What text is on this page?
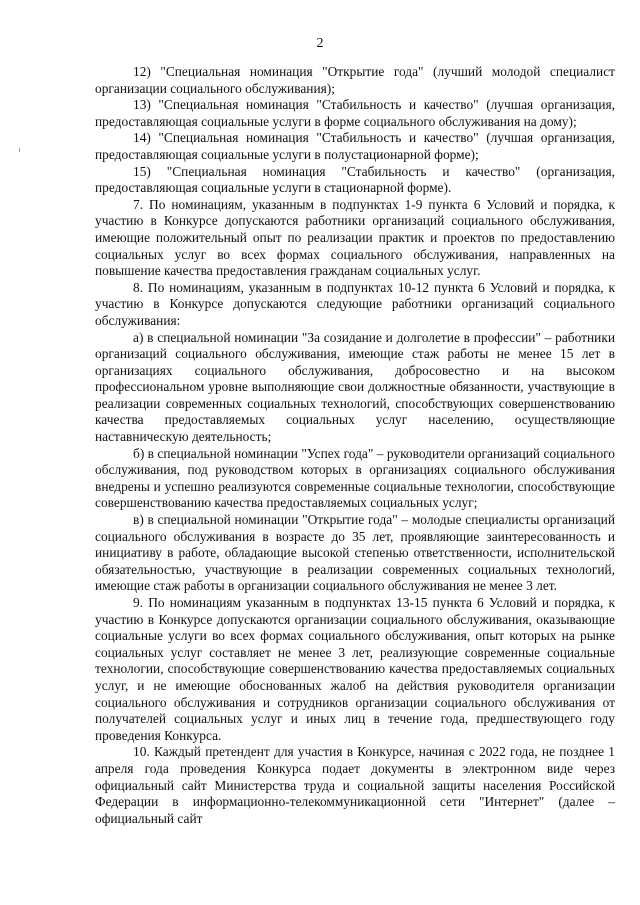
2

12) "Специальная номинация "Открытие года" (лучший молодой специалист организации социального обслуживания);

13) "Специальная номинация "Стабильность и качество" (лучшая организация, предоставляющая социальные услуги в форме социального обслуживания на дому);

14) "Специальная номинация "Стабильность и качество" (лучшая организация, предоставляющая социальные услуги в полустационарной форме);

15) "Специальная номинация "Стабильность и качество" (организация, предоставляющая социальные услуги в стационарной форме).

7. По номинациям, указанным в подпунктах 1-9 пункта 6 Условий и порядка, к участию в Конкурсе допускаются работники организаций социального обслуживания, имеющие положительный опыт по реализации практик и проектов по предоставлению социальных услуг во всех формах социального обслуживания, направленных на повышение качества предоставления гражданам социальных услуг.

8. По номинациям, указанным в подпунктах 10-12 пункта 6 Условий и порядка, к участию в Конкурсе допускаются следующие работники организаций социального обслуживания:

а) в специальной номинации "За созидание и долголетие в профессии" – работники организаций социального обслуживания, имеющие стаж работы не менее 15 лет в организациях социального обслуживания, добросовестно и на высоком профессиональном уровне выполняющие свои должностные обязанности, участвующие в реализации современных социальных технологий, способствующих совершенствованию качества предоставляемых социальных услуг населению, осуществляющие наставническую деятельность;

б) в специальной номинации "Успех года" – руководители организаций социального обслуживания, под руководством которых в организациях социального обслуживания внедрены и успешно реализуются современные социальные технологии, способствующие совершенствованию качества предоставляемых социальных услуг;

в) в специальной номинации "Открытие года" – молодые специалисты организаций социального обслуживания в возрасте до 35 лет, проявляющие заинтересованность и инициативу в работе, обладающие высокой степенью ответственности, исполнительской обязательностью, участвующие в реализации современных социальных технологий, имеющие стаж работы в организации социального обслуживания не менее 3 лет.

9. По номинациям указанным в подпунктах 13-15 пункта 6 Условий и порядка, к участию в Конкурсе допускаются организации социального обслуживания, оказывающие социальные услуги во всех формах социального обслуживания, опыт которых на рынке социальных услуг составляет не менее 3 лет, реализующие современные социальные технологии, способствующие совершенствованию качества предоставляемых социальных услуг, и не имеющие обоснованных жалоб на действия руководителя организации социального обслуживания и сотрудников организации социального обслуживания от получателей социальных услуг и иных лиц в течение года, предшествующего году проведения Конкурса.

10. Каждый претендент для участия в Конкурсе, начиная с 2022 года, не позднее 1 апреля года проведения Конкурса подает документы в электронном виде через официальный сайт Министерства труда и социальной защиты населения Российской Федерации в информационно-телекоммуникационной сети "Интернет" (далее – официальный сайт
